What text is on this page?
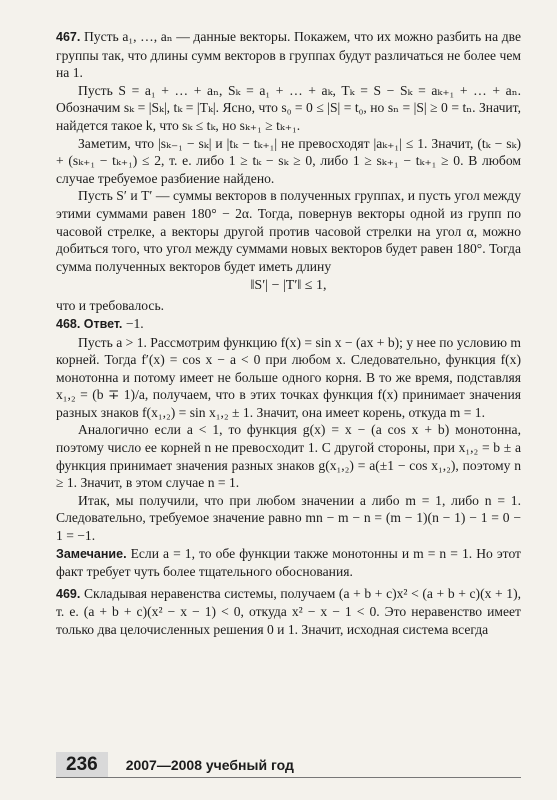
467. Пусть a₁, …, aₙ — данные векторы. Покажем, что их можно разбить на две группы так, что длины сумм векторов в группах будут различаться не более чем на 1.

Пусть S = a₁ + … + aₙ, Sₖ = a₁ + … + aₖ, Tₖ = S − Sₖ = aₖ₊₁ + … + aₙ. Обозначим sₖ = |Sₖ|, tₖ = |Tₖ|. Ясно, что s₀ = 0 ≤ |S| = t₀, но sₙ = |S| ≥ 0 = tₙ. Значит, найдется такое k, что sₖ ≤ tₖ, но sₖ₊₁ ≥ tₖ₊₁.

Заметим, что |sₖ₋₁ − sₖ| и |tₖ − tₖ₊₁| не превосходят |aₖ₊₁| ≤ 1. Значит, (tₖ − sₖ) + (sₖ₊₁ − tₖ₊₁) ≤ 2, т. е. либо 1 ≥ tₖ − sₖ ≥ 0, либо 1 ≥ sₖ₊₁ − tₖ₊₁ ≥ 0. В любом случае требуемое разбиение найдено.

Пусть S′ и T′ — суммы векторов в полученных группах, и пусть угол между этими суммами равен 180° − 2α. Тогда, повернув векторы одной из групп по часовой стрелке, а векторы другой против часовой стрелки на угол α, можно добиться того, что угол между суммами новых векторов будет равен 180°. Тогда сумма полученных векторов будет иметь длину

‖S′| − |T′‖ ≤ 1,

что и требовалось.

468. Ответ. −1.

Пусть a > 1. Рассмотрим функцию f(x) = sin x − (ax + b); у нее по условию m корней. Тогда f′(x) = cos x − a < 0 при любом x. Следовательно, функция f(x) монотонна и потому имеет не больше одного корня. В то же время, подставляя x₁,₂ = (b ∓ 1)/a, получаем, что в этих точках функция f(x) принимает значения разных знаков f(x₁,₂) = sin x₁,₂ ± 1. Значит, она имеет корень, откуда m = 1.

Аналогично если a < 1, то функция g(x) = x − (a cos x + b) монотонна, поэтому число ее корней n не превосходит 1. С другой стороны, при x₁,₂ = b ± a функция принимает значения разных знаков g(x₁,₂) = a(±1 − cos x₁,₂), поэтому n ≥ 1. Значит, в этом случае n = 1.

Итак, мы получили, что при любом значении a либо m = 1, либо n = 1. Следовательно, требуемое значение равно mn − m − n = (m − 1)(n − 1) − 1 = 0 − 1 = −1.

Замечание. Если a = 1, то обе функции также монотонны и m = n = 1. Но этот факт требует чуть более тщательного обоснования.

469. Складывая неравенства системы, получаем (a + b + c)x² < (a + b + c)(x + 1), т. е. (a + b + c)(x² − x − 1) < 0, откуда x² − x − 1 < 0. Это неравенство имеет только два целочисленных решения 0 и 1. Значит, исходная система всегда

236	2007—2008 учебный год
